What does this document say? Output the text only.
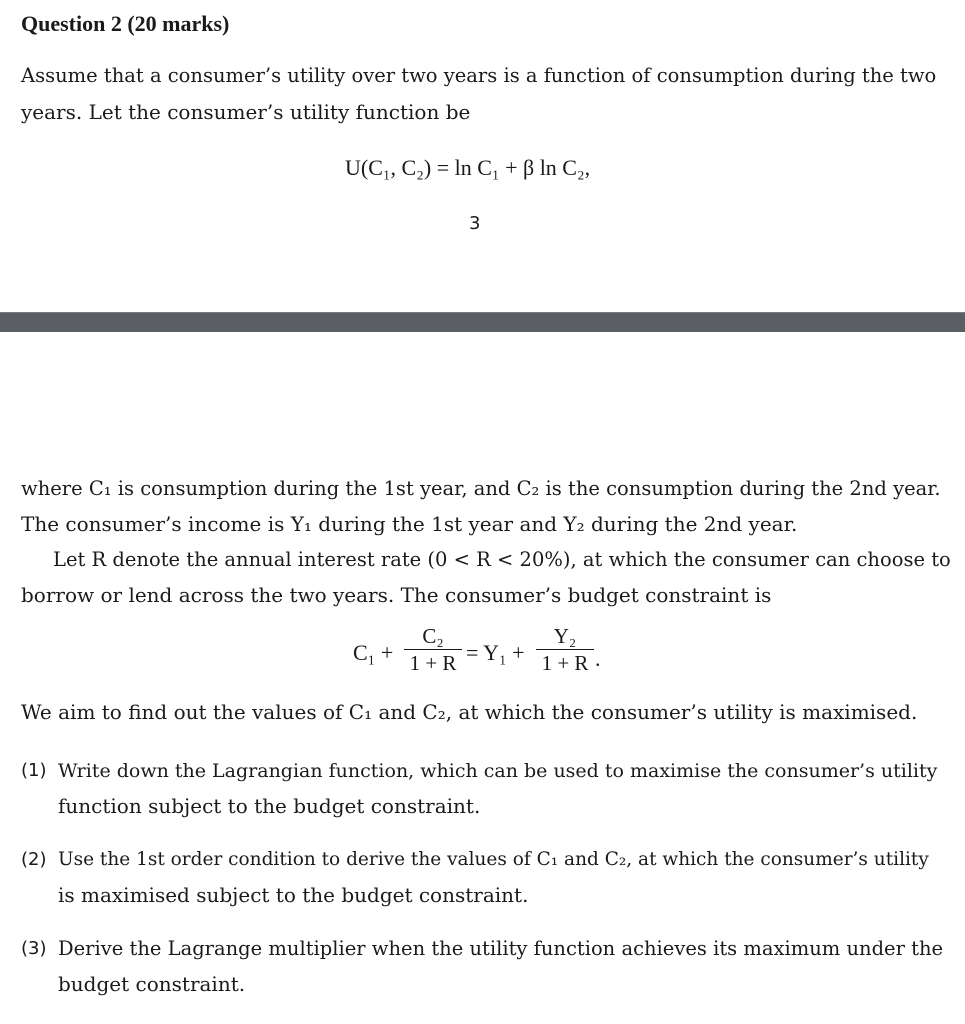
Question 2 (20 marks)
Assume that a consumer’s utility over two years is a function of consumption during the two
years. Let the consumer’s utility function be
U(C₁, C₂) = ln C₁ + β ln C₂,
3
where C₁ is consumption during the 1st year, and C₂ is the consumption during the 2nd year.
The consumer’s income is Y₁ during the 1st year and Y₂ during the 2nd year.
Let R denote the annual interest rate (0 < R < 20%), at which the consumer can choose to
borrow or lend across the two years. The consumer’s budget constraint is
C₁ +
C₂
1 + R = Y₁ +
Y₂
1 + R .
We aim to find out the values of C₁ and C₂, at which the consumer’s utility is maximised.
(1) Write down the Lagrangian function, which can be used to maximise the consumer’s utility
function subject to the budget constraint.
(2) Use the 1st order condition to derive the values of C₁ and C₂, at which the consumer’s utility
is maximised subject to the budget constraint.
(3) Derive the Lagrange multiplier when the utility function achieves its maximum under the
budget constraint.
